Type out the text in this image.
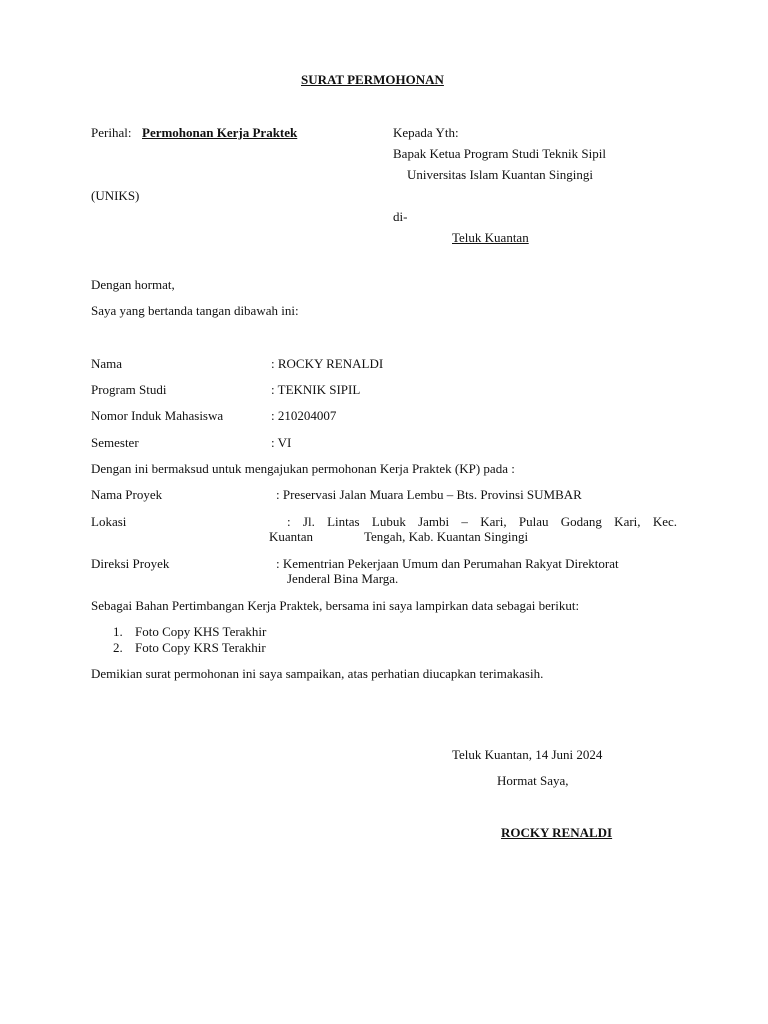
SURAT PERMOHONAN
Perihal: Permohonan Kerja Praktek	Kepada Yth:
Bapak Ketua Program Studi Teknik Sipil
Universitas Islam Kuantan Singingi
(UNIKS)
di-
Teluk Kuantan
Dengan hormat,
Saya yang bertanda tangan dibawah ini:
Nama	: ROCKY RENALDI
Program Studi	: TEKNIK SIPIL
Nomor Induk Mahasiswa	: 210204007
Semester	: VI
Dengan ini bermaksud untuk mengajukan permohonan Kerja Praktek (KP) pada :
Nama Proyek	: Preservasi Jalan Muara Lembu – Bts. Provinsi SUMBAR
Lokasi	: Jl. Lintas Lubuk Jambi – Kari, Pulau Godang Kari, Kec.
Kuantan	Tengah, Kab. Kuantan Singingi
Direksi Proyek	: Kementrian Pekerjaan Umum dan Perumahan Rakyat Direktorat
Jenderal Bina Marga.
Sebagai Bahan Pertimbangan Kerja Praktek, bersama ini saya lampirkan data sebagai berikut:
1. Foto Copy KHS Terakhir
2. Foto Copy KRS Terakhir
Demikian surat permohonan ini saya sampaikan, atas perhatian diucapkan terimakasih.
Teluk Kuantan, 14 Juni 2024
Hormat Saya,
ROCKY RENALDI
